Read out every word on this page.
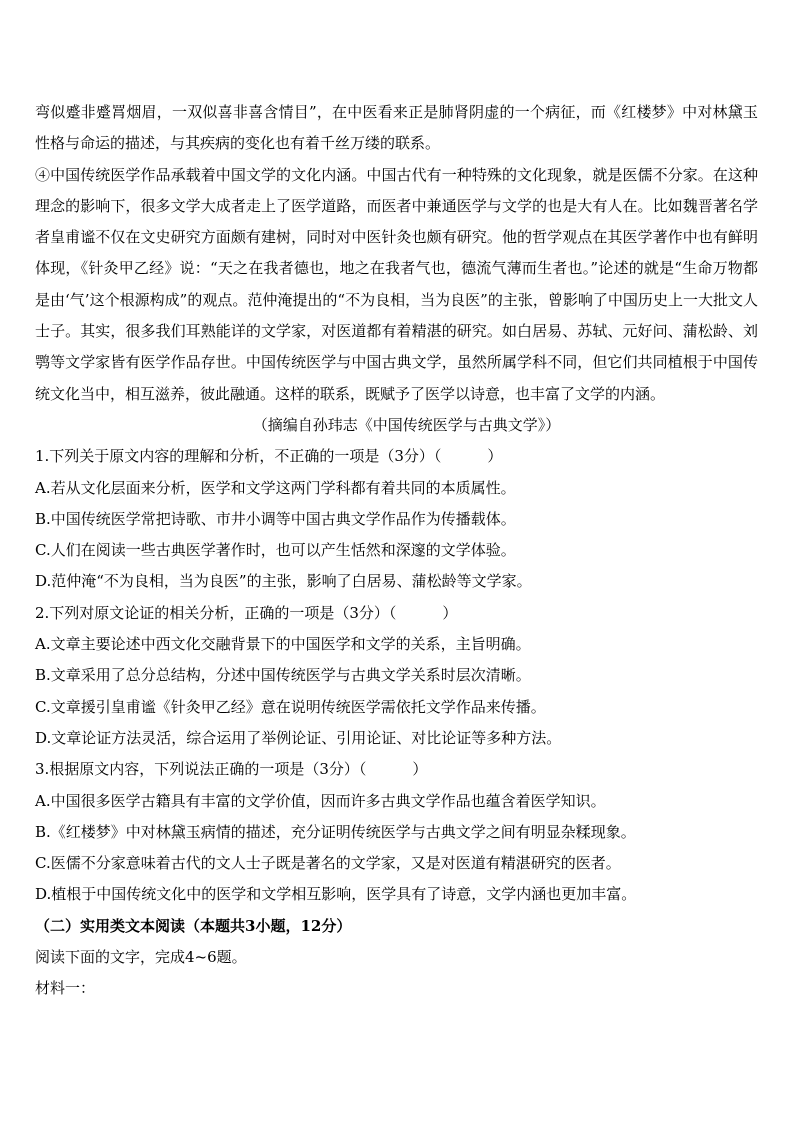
弯似蹙非蹙罥烟眉，一双似喜非喜含情目”，在中医看来正是肺肾阴虚的一个病征，而《红楼梦》中对林黛玉性格与命运的描述，与其疾病的变化也有着千丝万缕的联系。

④中国传统医学作品承载着中国文学的文化内涵。中国古代有一种特殊的文化现象，就是医儒不分家。在这种理念的影响下，很多文学大成者走上了医学道路，而医者中兼通医学与文学的也是大有人在。比如魏晋著名学者皇甫谧不仅在文史研究方面颇有建树，同时对中医针灸也颇有研究。他的哲学观点在其医学著作中也有鲜明体现，《针灸甲乙经》说：“天之在我者德也，地之在我者气也，德流气薄而生者也。”论述的就是“生命万物都是由‘气’这个根源构成”的观点。范仲淹提出的“不为良相，当为良医”的主张，曾影响了中国历史上一大批文人士子。其实，很多我们耳熟能详的文学家，对医道都有着精湛的研究。如白居易、苏轼、元好问、蒲松龄、刘鹗等文学家皆有医学作品存世。中国传统医学与中国古典文学，虽然所属学科不同，但它们共同植根于中国传统文化当中，相互滋养，彼此融通。这样的联系，既赋予了医学以诗意，也丰富了文学的内涵。

（摘编自孙玮志《中国传统医学与古典文学》）

1.下列关于原文内容的理解和分析，不正确的一项是（3分）（	）

A.若从文化层面来分析，医学和文学这两门学科都有着共同的本质属性。

B.中国传统医学常把诗歌、市井小调等中国古典文学作品作为传播载体。

C.人们在阅读一些古典医学著作时，也可以产生恬然和深邃的文学体验。

D.范仲淹“不为良相，当为良医”的主张，影响了白居易、蒲松龄等文学家。

2.下列对原文论证的相关分析，正确的一项是（3分）（	）

A.文章主要论述中西文化交融背景下的中国医学和文学的关系，主旨明确。

B.文章采用了总分总结构，分述中国传统医学与古典文学关系时层次清晰。

C.文章援引皇甫谧《针灸甲乙经》意在说明传统医学需依托文学作品来传播。

D.文章论证方法灵活，综合运用了举例论证、引用论证、对比论证等多种方法。

3.根据原文内容，下列说法正确的一项是（3分）（	）

A.中国很多医学古籍具有丰富的文学价值，因而许多古典文学作品也蕴含着医学知识。

B.《红楼梦》中对林黛玉病情的描述，充分证明传统医学与古典文学之间有明显杂糅现象。

C.医儒不分家意味着古代的文人士子既是著名的文学家，又是对医道有精湛研究的医者。

D.植根于中国传统文化中的医学和文学相互影响，医学具有了诗意，文学内涵也更加丰富。

（二）实用类文本阅读（本题共3小题，12分）

阅读下面的文字，完成4~6题。

材料一：
